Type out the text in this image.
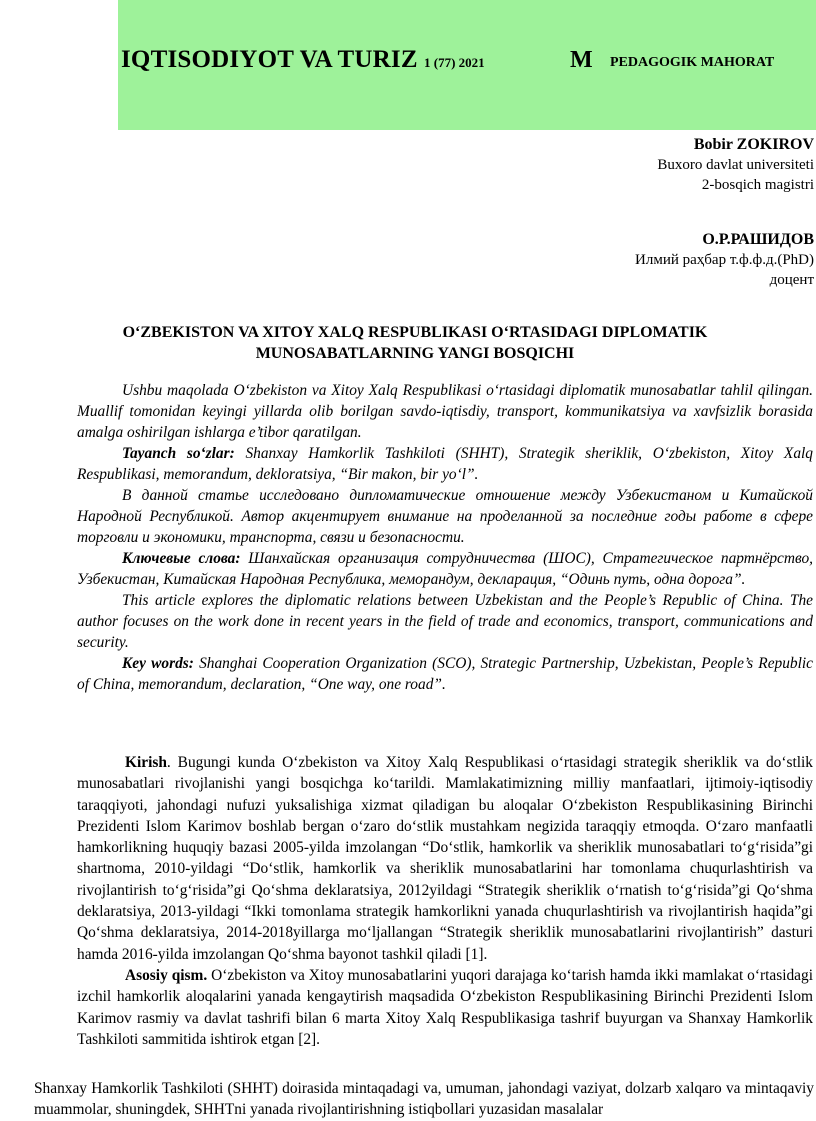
IQTISODIYOT VA TURIZ 1 (77) 2021	M PEDAGOGIK MAHORAT
Bobir ZOKIROV
Buxoro davlat universiteti
2-bosqich magistri
О.Р.РАШИДОВ
Илмий раҳбар т.ф.ф.д.(PhD)
доцент
O‘ZBEKISTON VA XITOY XALQ RESPUBLIKASI O‘RTASIDAGI DIPLOMATIK
MUNOSABATLARNING YANGI BOSQICHI

Ushbu maqolada O‘zbekiston va Xitoy Xalq Respublikasi o‘rtasidagi diplomatik munosabatlar tahlil qilingan. Muallif tomonidan keyingi yillarda olib borilgan savdo-iqtisdiy, transport, kommunikatsiya va xavfsizlik borasida amalga oshirilgan ishlarga e’tibor qaratilgan.

Tayanch so‘zlar: Shanxay Hamkorlik Tashkiloti (SHHT), Strategik sheriklik, O‘zbekiston, Xitoy Xalq Respublikasi, memorandum, dekloratsiya, “Bir makon, bir yo‘l”.

В данной статье исследовано дипломатические отношение между Узбекистаном и Китайской Народной Республикой. Автор акцентирует внимание на проделанной за последние годы работе в сфере торговли и экономики, транспорта, связи и безопасности.

Ключевые слова: Шанхайская организация сотрудничества (ШОС), Стратегическое партнёрство, Узбекистан, Китайская Народная Республика, меморандум, декларация, “Одинь путь, одна дорога”.

This article explores the diplomatic relations between Uzbekistan and the People’s Republic of China. The author focuses on the work done in recent years in the field of trade and economics, transport, communications and security.

Key words: Shanghai Cooperation Organization (SCO), Strategic Partnership, Uzbekistan, People’s Republic of China, memorandum, declaration, “One way, one road”.

Kirish. Bugungi kunda O‘zbekiston va Xitoy Xalq Respublikasi o‘rtasidagi strategik sheriklik va do‘stlik munosabatlari rivojlanishi yangi bosqichga ko‘tarildi. Mamlakatimizning milliy manfaatlari, ijtimoiy-iqtisodiy taraqqiyoti, jahondagi nufuzi yuksalishiga xizmat qiladigan bu aloqalar O‘zbekiston Respublikasining Birinchi Prezidenti Islom Karimov boshlab bergan o‘zaro do‘stlik mustahkam negizida taraqqiy etmoqda. O‘zaro manfaatli hamkorlikning huquqiy bazasi 2005-yilda imzolangan “Do‘stlik, hamkorlik va sheriklik munosabatlari to‘g‘risida”gi shartnoma, 2010-yildagi “Do‘stlik, hamkorlik va sheriklik munosabatlarini har tomonlama chuqurlashtirish va rivojlantirish to‘g‘risida”gi Qo‘shma deklaratsiya, 2012yildagi “Strategik sheriklik o‘rnatish to‘g‘risida”gi Qo‘shma deklaratsiya, 2013-yildagi “Ikki tomonlama strategik hamkorlikni yanada chuqurlashtirish va rivojlantirish haqida”gi Qo‘shma deklaratsiya, 2014-2018yillarga mo‘ljallangan “Strategik sheriklik munosabatlarini rivojlantirish” dasturi hamda 2016-yilda imzolangan Qo‘shma bayonot tashkil qiladi [1].

Asosiy qism. O‘zbekiston va Xitoy munosabatlarini yuqori darajaga ko‘tarish hamda ikki mamlakat o‘rtasidagi izchil hamkorlik aloqalarini yanada kengaytirish maqsadida O‘zbekiston Respublikasining Birinchi Prezidenti Islom Karimov rasmiy va davlat tashrifi bilan 6 marta Xitoy Xalq Respublikasiga tashrif buyurgan va Shanxay Hamkorlik Tashkiloti sammitida ishtirok etgan [2].

Shanxay Hamkorlik Tashkiloti (SHHT) doirasida mintaqadagi va, umuman, jahondagi vaziyat, dolzarb xalqaro va mintaqaviy muammolar, shuningdek, SHHTni yanada rivojlantirishning istiqbollari yuzasidan masalalar
